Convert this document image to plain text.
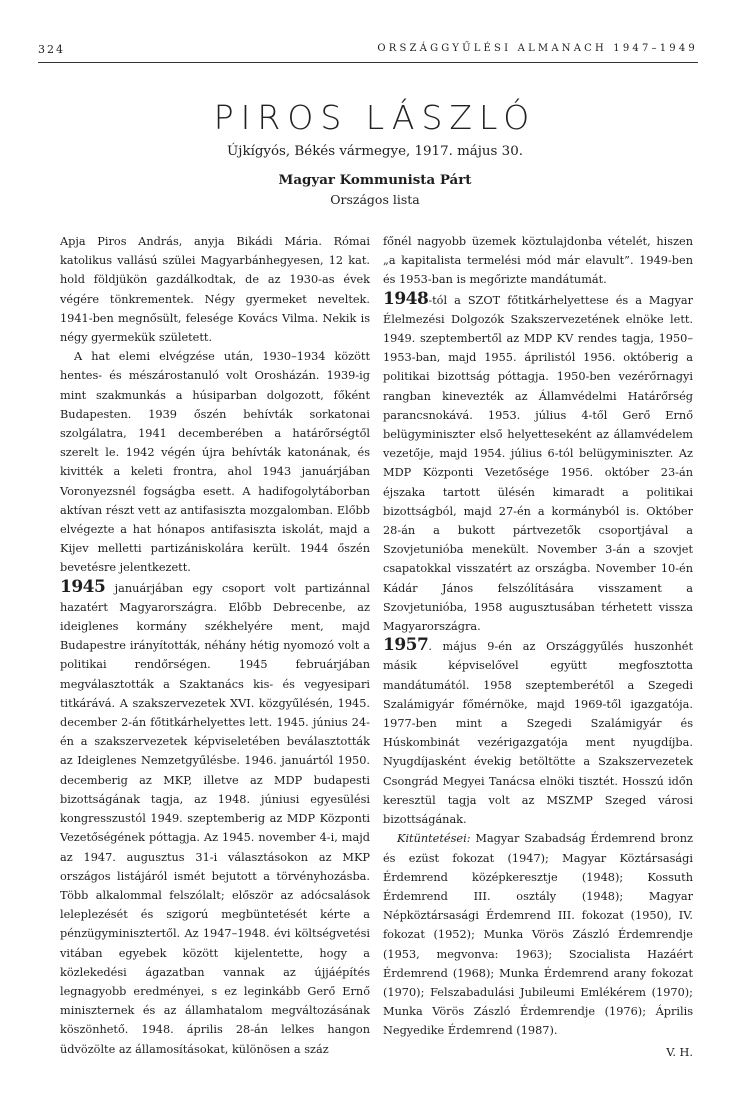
324	ORSZÁGGYŰLÉSI ALMANACH 1947–1949
PIROS LÁSZLÓ
Újkígyós, Békés vármegye, 1917. május 30.
Magyar Kommunista Párt
Országos lista

Apja Piros András, anyja Bikádi Mária. Római katolikus vallású szülei Magyarbánhegyesen, 12 kat. hold földjükön gazdálkodtak, de az 1930-as évek végére tönkrementek. Négy gyermeket neveltek. 1941-ben megnősült, felesége Kovács Vilma. Nekik is négy gyermekük született.

A hat elemi elvégzése után, 1930–1934 között hentes- és mészárostanuló volt Orosházán. 1939-ig mint szakmunkás a húsiparban dolgozott, főként Budapesten. 1939 őszén behívták sorkatonai szolgálatra, 1941 decemberében a határőrségtől szerelt le. 1942 végén újra behívták katonának, és kivitték a keleti frontra, ahol 1943 januárjában Voronyezsnél fogságba esett. A hadifogolytáborban aktívan részt vett az antifasiszta mozgalomban. Előbb elvégezte a hat hónapos antifasiszta iskolát, majd a Kijev melletti partizániskolára került. 1944 őszén bevetésre jelentkezett.

1945 januárjában egy csoport volt partizánnal hazatért Magyarországra. Előbb Debrecenbe, az ideiglenes kormány székhelyére ment, majd Budapestre irányították, néhány hétig nyomozó volt a politikai rendőrségen. 1945 februárjában megválasztották a Szaktanács kis- és vegyesipari titkárává. A szakszervezetek XVI. közgyűlésén, 1945. december 2-án főtitkárhelyettes lett. 1945. június 24-én a szakszervezetek képviseletében beválasztották az Ideiglenes Nemzetgyűlésbe. 1946. januártól 1950. decemberig az MKP, illetve az MDP budapesti bizottságának tagja, az 1948. júniusi egyesülési kongresszustól 1949. szeptemberig az MDP Központi Vezetőségének póttagja. Az 1945. november 4-i, majd az 1947. augusztus 31-i választásokon az MKP országos listájáról ismét bejutott a törvényhozásba. Több alkalommal felszólalt; először az adócsalások leleplezését és szigorú megbüntetését kérte a pénzügyminisztertől. Az 1947–1948. évi költségvetési vitában egyebek között kijelentette, hogy a közlekedési ágazatban vannak az újjáépítés legnagyobb eredményei, s ez leginkább Gerő Ernő miniszternek és az államhatalom megváltozásának köszönhető. 1948. április 28-án lelkes hangon üdvözölte az államosításokat, különösen a száz

főnél nagyobb üzemek köztulajdonba vételét, hiszen „a kapitalista termelési mód már elavult”. 1949-ben és 1953-ban is megőrizte mandátumát.

1948-tól a SZOT főtitkárhelyettese és a Magyar Élelmezési Dolgozók Szakszervezetének elnöke lett. 1949. szeptembertől az MDP KV rendes tagja, 1950–1953-ban, majd 1955. áprilistól 1956. októberig a politikai bizottság póttagja. 1950-ben vezérőrnagyi rangban kinevezték az Államvédelmi Határőrség parancsnokává. 1953. július 4-től Gerő Ernő belügyminiszter első helyetteseként az államvédelem vezetője, majd 1954. július 6-tól belügyminiszter. Az MDP Központi Vezetősége 1956. október 23-án éjszaka tartott ülésén kimaradt a politikai bizottságból, majd 27-én a kormányból is. Október 28-án a bukott pártvezetők csoportjával a Szovjetunióba menekült. November 3-án a szovjet csapatokkal visszatért az országba. November 10-én Kádár János felszólítására visszament a Szovjetunióba, 1958 augusztusában térhetett vissza Magyarországra.

1957. május 9-én az Országgyűlés huszonhét másik képviselővel együtt megfosztotta mandátumától. 1958 szeptemberétől a Szegedi Szalámigyár főmérnöke, majd 1969-től igazgatója. 1977-ben mint a Szegedi Szalámigyár és Húskombinát vezérigazgatója ment nyugdíjba. Nyugdíjasként évekig betöltötte a Szakszervezetek Csongrád Megyei Tanácsa elnöki tisztét. Hosszú időn keresztül tagja volt az MSZMP Szeged városi bizottságának.

Kitüntetései: Magyar Szabadság Érdemrend bronz és ezüst fokozat (1947); Magyar Köztársasági Érdemrend középkeresztje (1948); Kossuth Érdemrend III. osztály (1948); Magyar Népköztársasági Érdemrend III. fokozat (1950), IV. fokozat (1952); Munka Vörös Zászló Érdemrendje (1953, megvonva: 1963); Szocialista Hazáért Érdemrend (1968); Munka Érdemrend arany fokozat (1970); Felszabadulási Jubileumi Emlékérem (1970); Munka Vörös Zászló Érdemrendje (1976); Április Negyedike Érdemrend (1987).

V. H.
